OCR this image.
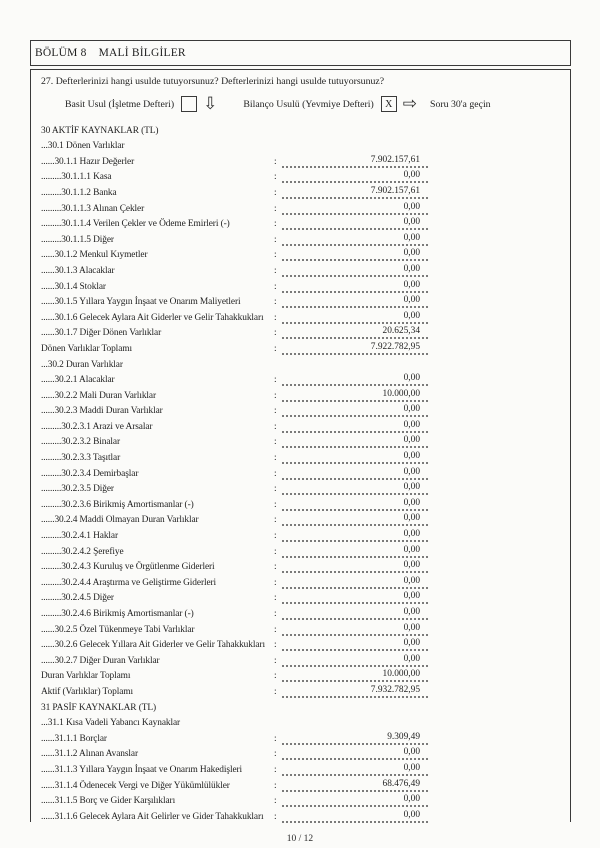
BÖLÜM 8 MALİ BİLGİLER
27. Defterlerinizi hangi usulde tutuyorsunuz? Defterlerinizi hangi usulde tutuyorsunuz?
Basit Usul (İşletme Defteri) ⇩	Bilanço Usulü (Yevmiye Defteri)	X ⇨ Soru 30'a geçin
30 AKTİF KAYNAKLAR (TL)
...30.1 Dönen Varlıklar
......30.1.1 Hazır Değerler	:	7.902.157,61
.........30.1.1.1 Kasa	:	0,00
.........30.1.1.2 Banka	:	7.902.157,61
.........30.1.1.3 Alınan Çekler	:	0,00
.........30.1.1.4 Verilen Çekler ve Ödeme Emirleri (-)	:	0,00
.........30.1.1.5 Diğer	:	0,00
......30.1.2 Menkul Kıymetler	:	0,00
......30.1.3 Alacaklar	:	0,00
......30.1.4 Stoklar	:	0,00
......30.1.5 Yıllara Yaygın İnşaat ve Onarım Maliyetleri	:	0,00
......30.1.6 Gelecek Aylara Ait Giderler ve Gelir Tahakkukları	:	0,00
......30.1.7 Diğer Dönen Varlıklar	:	20.625,34
Dönen Varlıklar Toplamı	:	7.922.782,95
...30.2 Duran Varlıklar
......30.2.1 Alacaklar	:	0,00
......30.2.2 Mali Duran Varlıklar	:	10.000,00
......30.2.3 Maddi Duran Varlıklar	:	0,00
.........30.2.3.1 Arazi ve Arsalar	:	0,00
.........30.2.3.2 Binalar	:	0,00
.........30.2.3.3 Taşıtlar	:	0,00
.........30.2.3.4 Demirbaşlar	:	0,00
.........30.2.3.5 Diğer	:	0,00
.........30.2.3.6 Birikmiş Amortismanlar (-)	:	0,00
......30.2.4 Maddi Olmayan Duran Varlıklar	:	0,00
.........30.2.4.1 Haklar	:	0,00
.........30.2.4.2 Şerefiye	:	0,00
.........30.2.4.3 Kuruluş ve Örgütlenme Giderleri	:	0,00
.........30.2.4.4 Araştırma ve Geliştirme Giderleri	:	0,00
.........30.2.4.5 Diğer	:	0,00
.........30.2.4.6 Birikmiş Amortismanlar (-)	:	0,00
......30.2.5 Özel Tükenmeye Tabi Varlıklar	:	0,00
......30.2.6 Gelecek Yıllara Ait Giderler ve Gelir Tahakkukları :	0,00
......30.2.7 Diğer Duran Varlıklar	:	0,00
Duran Varlıklar Toplamı	:	10.000,00
Aktif (Varlıklar) Toplamı	:	7.932.782,95
31 PASİF KAYNAKLAR (TL)
...31.1 Kısa Vadeli Yabancı Kaynaklar
......31.1.1 Borçlar	:	9.309,49
......31.1.2 Alınan Avanslar	:	0,00
......31.1.3 Yıllara Yaygın İnşaat ve Onarım Hakedişleri	:	0,00
......31.1.4 Ödenecek Vergi ve Diğer Yükümlülükler	:	68.476,49
......31.1.5 Borç ve Gider Karşılıkları	:	0,00
......31.1.6 Gelecek Aylara Ait Gelirler ve Gider Tahakkukları	:	0,00
10 / 12
